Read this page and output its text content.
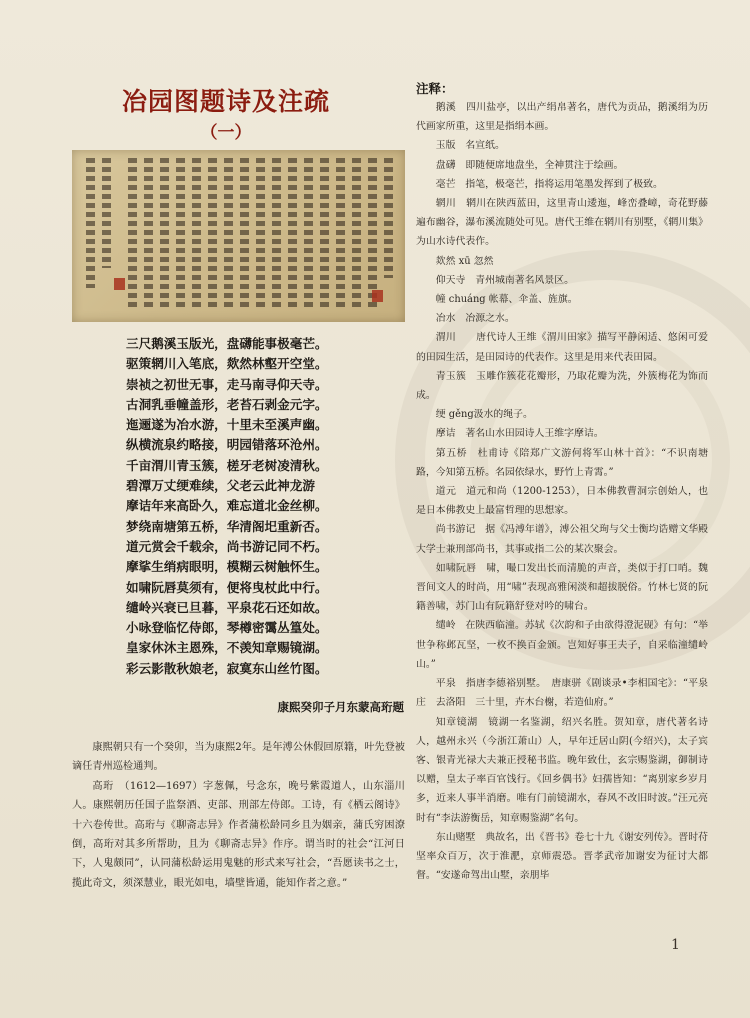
冶园图题诗及注疏
（一）
三尺鹅溪玉版光，盘礴能事极毫芒。
驱策辋川入笔底，欻然林壑开空堂。
崇祯之初世无事，走马南寻仰天寺。
古洞乳垂幢盖形，老苔石剥金元字。
迤逦遂为冶水游，十里未至溪声幽。
纵横流泉约略接，明园错落环沧州。
千亩渭川青玉簇，槎牙老树凌清秋。
碧潭万丈绠难续，父老云此神龙游
摩诘年来高卧久，难忘道北金丝柳。
梦绕南塘第五桥，华清阁圯重新否。
道元赏会千载余，尚书游记同不朽。
摩挲生绡病眼明，模糊云树触怀生。
如啸阮唇莫须有，便将曳杖此中行。
缱岭兴衰已旦暮，平泉花石还如故。
小咏登临忆侍郎，琴樽密霭丛篁处。
皇家休沐主恩殊，不羡知章赐镜湖。
彩云影散秋娘老，寂寞东山丝竹图。
康熙癸卯子月东蒙高珩题

康熙朝只有一个癸卯，当为康熙2年。是年溥公休假回原籍，叶先登被谪任青州巡检通判。

高珩　（1612—1697）字葱佩，号念东，晚号紫霞道人，山东淄川人。康熙朝历任国子监祭酒、吏部、刑部左侍郎。工诗，有《栖云阁诗》十六卷传世。高珩与《聊斋志异》作者蒲松龄同乡且为姻亲，蒲氏穷困潦倒，高珩对其多所帮助，且为《聊斋志异》作序。谓当时的社会“江河日下，人鬼颇同”，认同蒲松龄运用鬼魅的形式来写社会，“吾愿读书之士，揽此奇文，须深慧业，眼光如电，墙壁皆通，能知作者之意。”

注释：

鹅溪　四川盐亭，以出产绢帛著名，唐代为贡品，鹅溪绢为历代画家所重，这里是指绢本画。

玉版　名宣纸。

盘礴　即随便席地盘坐，全神贯注于绘画。

毫芒　指笔，极毫芒，指将运用笔墨发挥到了极致。

辋川　辋川在陕西蓝田，这里青山逶迤，峰峦叠嶂，奇花野藤遍布幽谷，瀑布溪流随处可见。唐代王维在辋川有别墅，《辋川集》为山水诗代表作。

欻然 xū 忽然

仰天寺　青州城南著名风景区。

幢 chuáng 帐幕、伞盖、旌旗。

冶水　冶源之水。

渭川　　唐代诗人王维《渭川田家》描写平静闲适、悠闲可爱的田园生活，是田园诗的代表作。这里是用来代表田园。

青玉簇　玉雕作簇花花瓣形，乃取花瓣为洗，外簇梅花为饰而成。

绠 gěng汲水的绳子。

摩诘　著名山水田园诗人王维字摩诘。

第五桥　杜甫诗《陪郑广文游何将军山林十首》：“不识南塘路，今知第五桥。名园依绿水，野竹上青霄。”

道元　道元和尚（1200-1253），日本佛教曹洞宗创始人，也是日本佛教史上最富哲理的思想家。

尚书游记　据《冯溥年谱》，溥公祖父珣与父士衡均诰赠文华殿大学士兼刑部尚书，其事或指二公的某次聚会。

如啸阮唇　啸，嘬口发出长而清脆的声音，类似于打口哨。魏晋间文人的时尚，用“啸”表现高雅闲淡和超拔脱俗。竹林七贤的阮籍善啸，苏门山有阮籍舒登对吟的啸台。

缱岭　在陕西临潼。苏轼《次韵和子由欲得澄泥砚》有句：“举世争称邺瓦坚，一枚不换百金颁。岂知好事王夫子，自采临潼缱岭山。”

平泉　指唐李德裕别墅。　唐康骈《剧谈录•李相国宅》：“平泉庄　去洛阳　三十里，卉木台榭，若造仙府。”

知章镜湖　镜湖一名鉴湖，绍兴名胜。贺知章，唐代著名诗人，越州永兴（今浙江萧山）人，早年迁居山阴(今绍兴)，太子宾客、银青光禄大夫兼正授秘书监。晚年致仕，玄宗赐鉴湖，御制诗以赠，皇太子率百官饯行。《回乡偶书》妇孺皆知：“离别家乡岁月多，近来人事半消磨。唯有门前镜湖水，春风不改旧时波。”汪元亮时有“李法游衡岳，知章赐鉴湖”名句。

东山赌墅　典故名，出《晋书》卷七十九《谢安列传》。晋时苻坚率众百万，次于淮淝，京师震恐。晋孝武帝加谢安为征讨大都督。“安遂命驾出山墅，亲朋毕

1
